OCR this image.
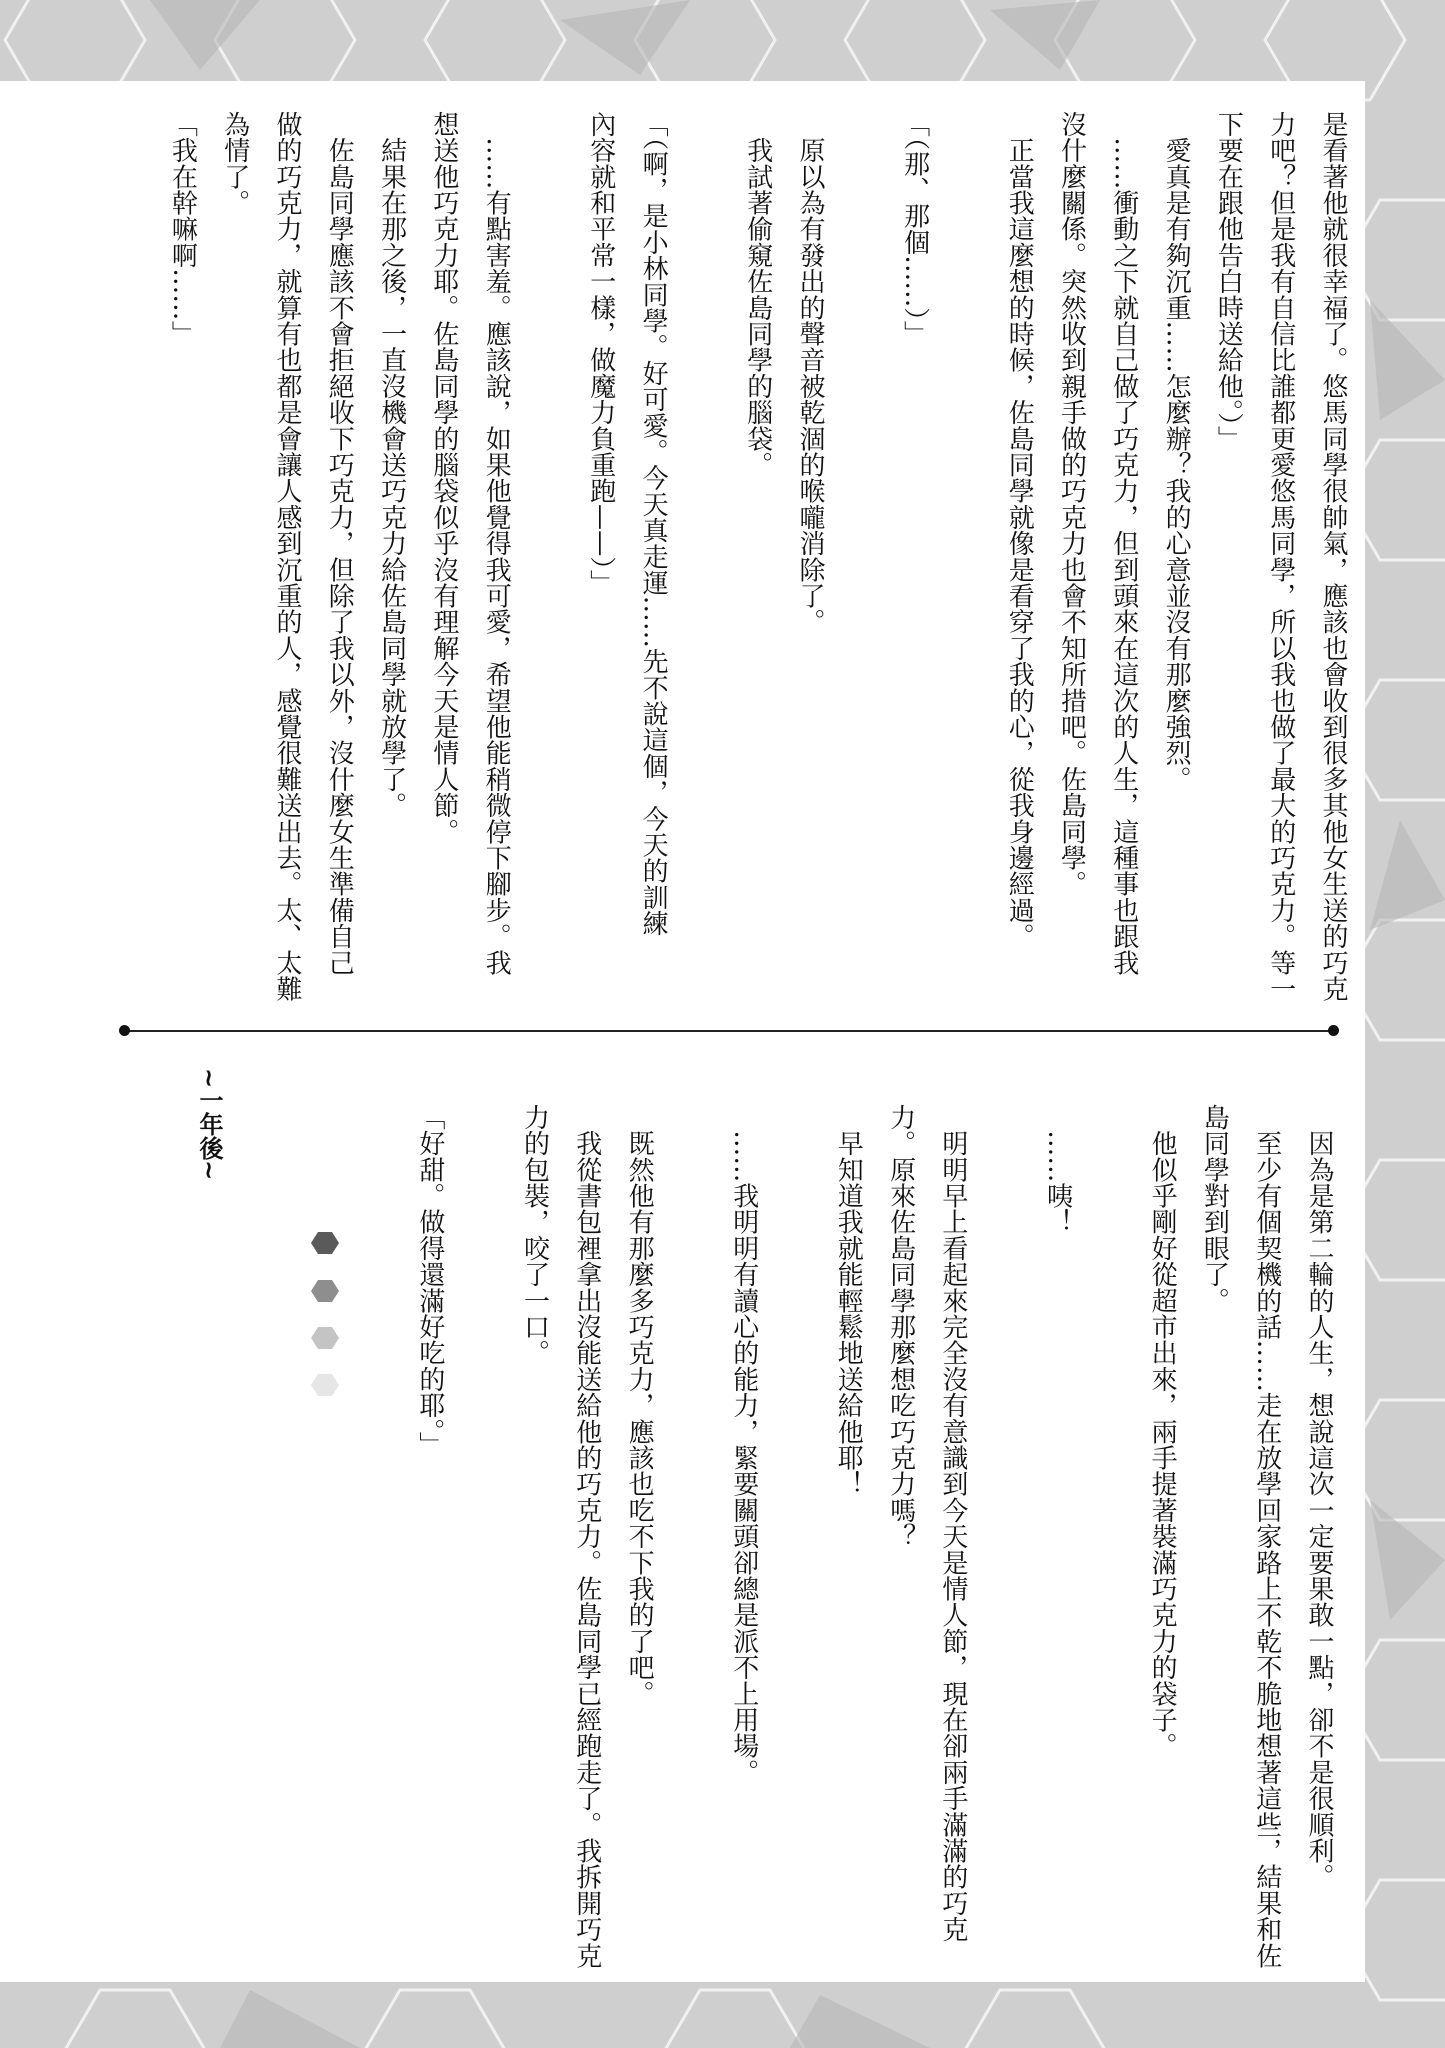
是看著他就很幸福了。悠馬同學很帥氣，應該也會收到很多其他女生送的巧克
力吧？但是我有自信比誰都更愛悠馬同學，所以我也做了最大的巧克力。等一
下要在跟他告白時送給他。）」
　愛真是有夠沉重……怎麼辦？我的心意並沒有那麼強烈。
　……衝動之下就自己做了巧克力，但到頭來在這次的人生，這種事也跟我
沒什麼關係。突然收到親手做的巧克力也會不知所措吧。佐島同學。
　正當我這麼想的時候，佐島同學就像是看穿了我的心，從我身邊經過。
「（那、那個……）」
　原以為有發出的聲音被乾涸的喉嚨消除了。
　我試著偷窺佐島同學的腦袋。
「（啊，是小林同學。好可愛。今天真走運……先不說這個，今天的訓練
內容就和平常一樣，做魔力負重跑——）」
　……有點害羞。應該說，如果他覺得我可愛，希望他能稍微停下腳步。我
想送他巧克力耶。佐島同學的腦袋似乎沒有理解今天是情人節。
　結果在那之後，一直沒機會送巧克力給佐島同學就放學了。
　佐島同學應該不會拒絕收下巧克力，但除了我以外，沒什麼女生準備自己
做的巧克力，就算有也都是會讓人感到沉重的人，感覺很難送出去。太、太難
為情了。
「我在幹嘛啊……」
　因為是第二輪的人生，想說這次一定要果敢一點，卻不是很順利。
　至少有個契機的話……走在放學回家路上不乾不脆地想著這些，結果和佐
島同學對到眼了。
　他似乎剛好從超市出來，兩手提著裝滿巧克力的袋子。
　……咦！
　明明早上看起來完全沒有意識到今天是情人節，現在卻兩手滿滿的巧克
力。原來佐島同學那麼想吃巧克力嗎？
　早知道我就能輕鬆地送給他耶！
　……我明明有讀心的能力，緊要關頭卻總是派不上用場。
　既然他有那麼多巧克力，應該也吃不下我的了吧。
　我從書包裡拿出沒能送給他的巧克力。佐島同學已經跑走了。我拆開巧克
力的包裝，咬了一口。
「好甜。做得還滿好吃的耶。」
~一年後~
